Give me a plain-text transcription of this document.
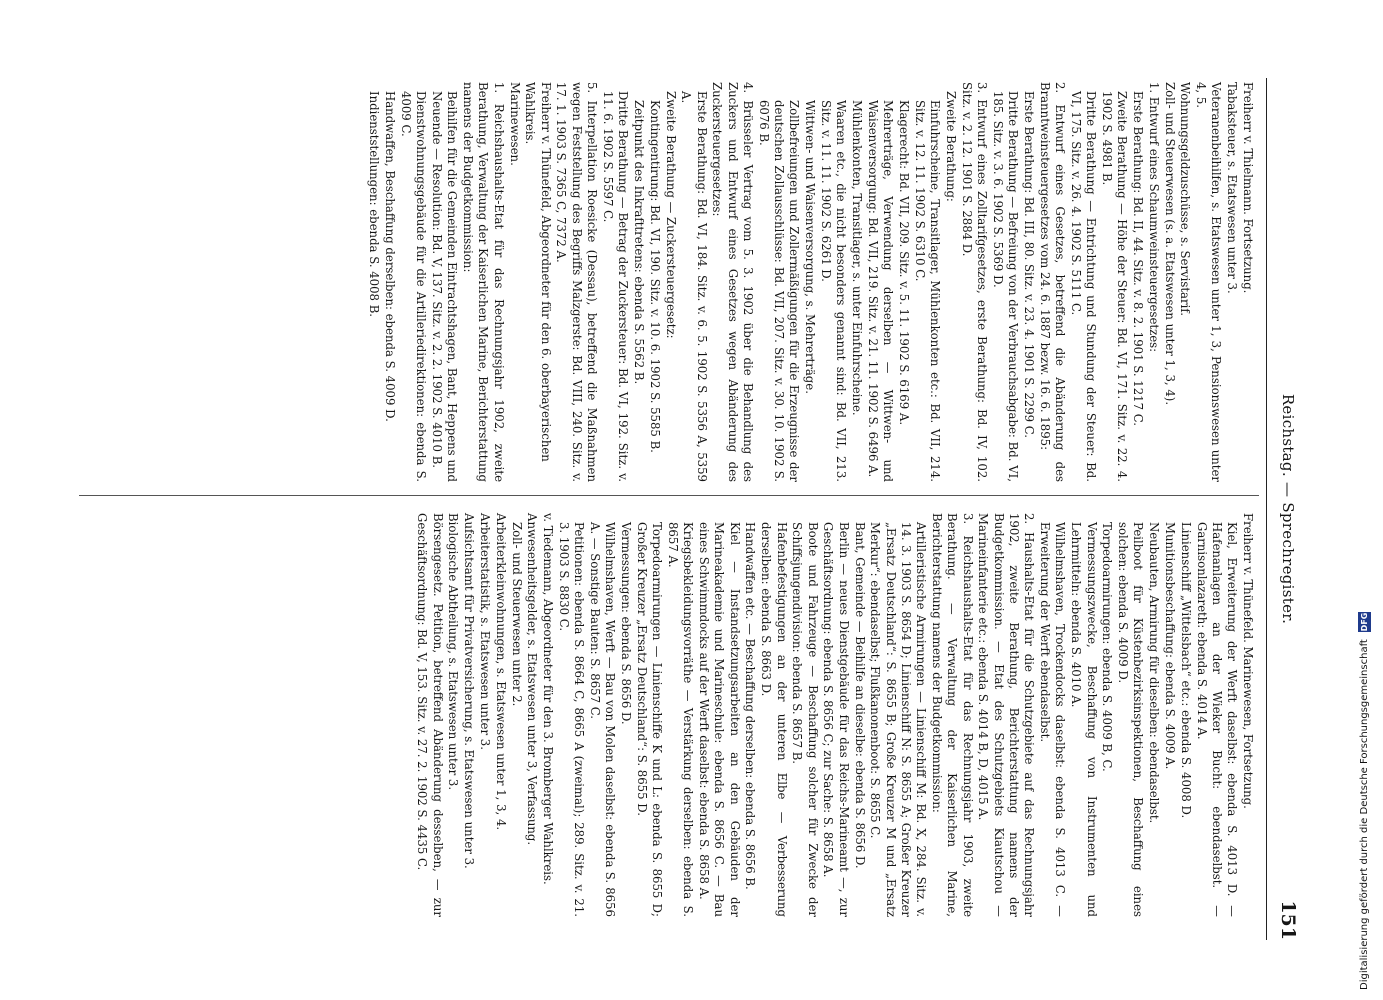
Reichstag. — Sprechregister.
151

Freiherr v. Thielmann. Fortsetzung.

Tabaksteuer, s. Etatswesen unter 3.

Veteranenbeihilfen, s. Etatswesen unter 1, 3, Pensionswesen unter 4, 5.

Wohnungsgeldzuschüsse, s. Servistarif.

Zoll- und Steuerwesen (s. a. Etatswesen unter 1, 3, 4).

1. Entwurf eines Schaumweinsteuergesetzes:

Erste Berathung: Bd. II, 44. Sitz. v. 8. 2. 1901 S. 1217 C.

Zweite Berathung — Höhe der Steuer: Bd. VI, 171. Sitz. v. 22. 4. 1902 S. 4981 B.

Dritte Berathung — Entrichtung und Stundung der Steuer: Bd. VI, 175. Sitz. v. 26. 4. 1902 S. 5111 C.

2. Entwurf eines Gesetzes, betreffend die Abänderung des Branntweinsteuergesetzes vom 24. 6. 1887 bezw. 16. 6. 1895:

Erste Berathung: Bd. III, 80. Sitz. v. 23. 4. 1901 S. 2299 C.

Dritte Berathung — Befreiung von der Verbrauchsabgabe: Bd. VI, 185. Sitz. v. 3. 6. 1902 S. 5369 D.

3. Entwurf eines Zolltarifgesetzes, erste Berathung: Bd. IV, 102. Sitz. v. 2. 12. 1901 S. 2884 D.

Zweite Berathung:

Einfuhrscheine, Transitlager, Mühlenkonten etc.: Bd. VII, 214. Sitz. v. 12. 11. 1902 S. 6310 C.

Klagerecht: Bd. VII, 209. Sitz. v. 5. 11. 1902 S. 6169 A.

Mehrerträge, Verwendung derselben — Wittwen- und Waisenversorgung: Bd. VII, 219. Sitz. v. 21. 11. 1902 S. 6496 A.

Mühlenkonten, Transitlager, s. unter Einfuhrscheine.

Waaren etc., die nicht besonders genannt sind: Bd. VII, 213. Sitz. v. 11. 11. 1902 S. 6261 D.

Wittwen- und Waisenversorgung, s. Mehrerträge.

Zollbefreiungen und Zollermäßigungen für die Erzeugnisse der deutschen Zollausschlüsse: Bd. VII, 207. Sitz. v. 30. 10. 1902 S. 6076 B.

4. Brüsseler Vertrag vom 5. 3. 1902 über die Behandlung des Zuckers und Entwurf eines Gesetzes wegen Abänderung des Zuckersteuergesetzes:

Erste Berathung: Bd. VI, 184. Sitz. v. 6. 5. 1902 S. 5356 A, 5359 A.

Zweite Berathung — Zuckersteuergesetz:

Kontingentirung: Bd. VI, 190. Sitz. v. 10. 6. 1902 S. 5585 B.

Zeitpunkt des Inkrafttretens: ebenda S. 5562 B.

Dritte Berathung — Betrag der Zuckersteuer: Bd. VI, 192. Sitz. v. 11. 6. 1902 S. 5597 C.

5. Interpellation Roesicke (Dessau), betreffend die Maßnahmen wegen Feststellung des Begriffs Malzgerste: Bd. VIII, 240. Sitz. v. 17. 1. 1903 S. 7365 C, 7372 A.

Freiherr v. Thünefeld, Abgeordneter für den 6. oberbayerischen Wahlkreis.

Marinewesen.

1. Reichshaushalts-Etat für das Rechnungsjahr 1902, zweite Berathung, Verwaltung der Kaiserlichen Marine, Berichterstattung namens der Budgetkommission:

Beihilfen für die Gemeinden Eintrachtshagen, Bant, Heppens und Neuende — Resolution: Bd. V, 137. Sitz. v. 2. 2. 1902 S. 4010 B.

Dienstwohnungsgebäude für die Artilleriedirektionen: ebenda S. 4009 C.

Handwaffen, Beschaffung derselben: ebenda S. 4009 D.

Indienststellungen: ebenda S. 4008 B.

Freiherr v. Thünefeld. Marinewesen, Fortsetzung.

Kiel, Erweiterung der Werft daselbst: ebenda S. 4013 D. — Hafenanlagen an der Wieker Bucht: ebendaselbst. — Garnisonlazareth: ebenda S. 4014 A.

Linienschiff „Wittelsbach“ etc.: ebenda S. 4008 D.

Munitionsbeschaffung: ebenda S. 4009 A.

Neubauten, Armirung für dieselben: ebendaselbst.

Peilboot für Küstenbezirksinspektionen, Beschaffung eines solchen: ebenda S. 4009 D.

Torpedoarmirungen: ebenda S. 4009 B, C.

Vermessungszwecke, Beschaffung von Instrumenten und Lehrmitteln: ebenda S. 4010 A.

Wilhelmshaven, Trockendocks daselbst: ebenda S. 4013 C. — Erweiterung der Werft ebendaselbst.

2. Haushalts-Etat für die Schutzgebiete auf das Rechnungsjahr 1902, zweite Berathung, Berichterstattung namens der Budgetkommission. — Etat des Schutzgebiets Kiautschou — Marineinfanterie etc.: ebenda S. 4014 B, D, 4015 A.

3. Reichshaushalts-Etat für das Rechnungsjahr 1903, zweite Berathung. — Verwaltung der Kaiserlichen Marine, Berichterstattung namens der Budgetkommission:

Artilleristische Armirungen — Linienschiff M: Bd. X, 284. Sitz. v. 14. 3. 1903 S. 8654 D; Linienschiff N: S. 8655 A; Großer Kreuzer „Ersatz Deutschland“: S. 8655 B; Große Kreuzer M und „Ersatz Merkur“: ebendaselbst; Flußkanonenboot: S. 8655 C.

Bant, Gemeinde — Beihilfe an dieselbe: ebenda S. 8656 D.

Berlin — neues Dienstgebäude für das Reichs-Marineamt —, zur Geschäftsordnung: ebenda S. 8656 C; zur Sache: S. 8658 A.

Boote und Fahrzeuge — Beschaffung solcher für Zwecke der Schiffsjungendivision: ebenda S. 8657 B.

Hafenbefestigungen an der unteren Elbe — Verbesserung derselben: ebenda S. 8663 D.

Handwaffen etc. — Beschaffung derselben: ebenda S. 8656 B.

Kiel — Instandsetzungsarbeiten an den Gebäuden der Marineakademie und Marineschule: ebenda S. 8656 C. — Bau eines Schwimmdocks auf der Werft daselbst: ebenda S. 8658 A.

Kriegsbekleidungsvorräthe — Verstärkung derselben: ebenda S. 8657 A.

Torpedoarmirungen — Linienschiffe K und L: ebenda S. 8655 D; Großer Kreuzer „Ersatz Deutschland“: S. 8655 D.

Vermessungen: ebenda S. 8656 D.

Wilhelmshaven, Werft — Bau von Molen daselbst: ebenda S. 8656 A. — Sonstige Bauten: S. 8657 C.

Petitionen: ebenda S. 8664 C, 8665 A (zweimal); 289. Sitz. v. 21. 3. 1903 S. 8830 C.

v. Tiedemann, Abgeordneter für den 3. Bromberger Wahlkreis.

Anwesenheitsgelder, s. Etatswesen unter 3, Verfassung.

Zoll- und Steuerwesen unter 2.

Arbeiterkleinwohnungen, s. Etatswesen unter 1, 3, 4.

Arbeiterstatistik, s. Etatswesen unter 3.

Aufsichtsamt für Privatversicherung, s. Etatswesen unter 3.

Biologische Abtheilung, s. Etatswesen unter 3.

Börsengesetz. Petition, betreffend Abänderung desselben, — zur Geschäftsordnung: Bd. V, 153. Sitz. v. 27. 2. 1902 S. 4435 C.	Digitalisierung gefördert durch die Deutsche Forschungsgemeinschaft DFG
